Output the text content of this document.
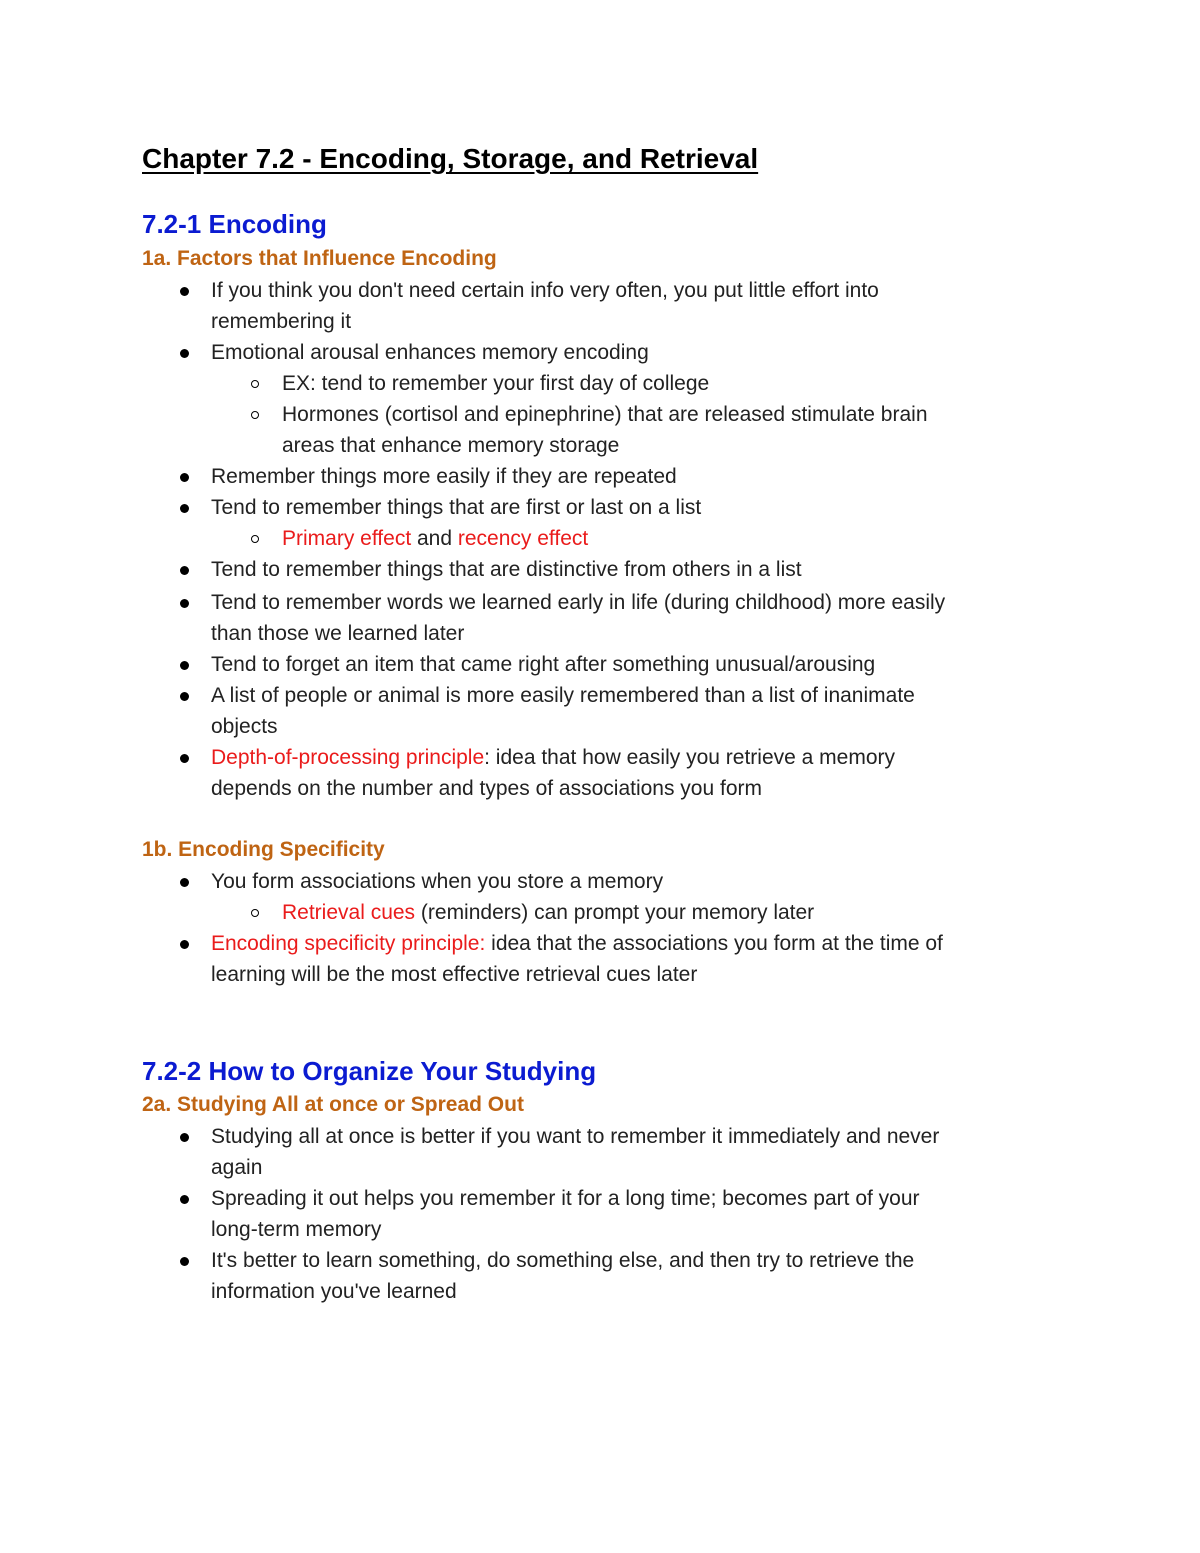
Chapter 7.2 - Encoding, Storage, and Retrieval
7.2-1 Encoding
1a. Factors that Influence Encoding
If you think you don't need certain info very often, you put little effort into
remembering it
Emotional arousal enhances memory encoding
EX: tend to remember your first day of college
Hormones (cortisol and epinephrine) that are released stimulate brain
areas that enhance memory storage
Remember things more easily if they are repeated
Tend to remember things that are first or last on a list
Primary effect and recency effect
Tend to remember things that are distinctive from others in a list
Tend to remember words we learned early in life (during childhood) more easily
than those we learned later
Tend to forget an item that came right after something unusual/arousing
A list of people or animal is more easily remembered than a list of inanimate
objects
Depth-of-processing principle: idea that how easily you retrieve a memory
depends on the number and types of associations you form
1b. Encoding Specificity
You form associations when you store a memory
Retrieval cues (reminders) can prompt your memory later
Encoding specificity principle: idea that the associations you form at the time of
learning will be the most effective retrieval cues later
7.2-2 How to Organize Your Studying
2a. Studying All at once or Spread Out
Studying all at once is better if you want to remember it immediately and never
again
Spreading it out helps you remember it for a long time; becomes part of your
long-term memory
It's better to learn something, do something else, and then try to retrieve the
information you've learned
